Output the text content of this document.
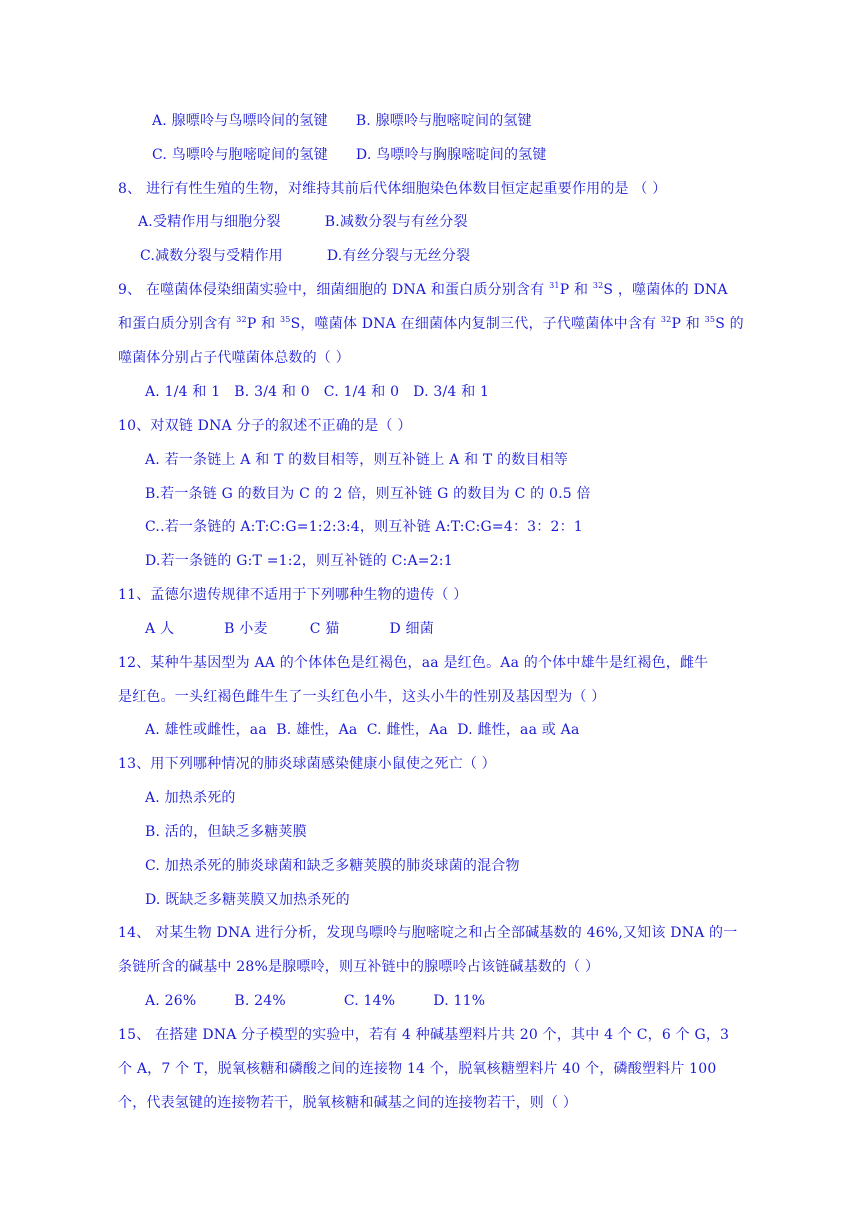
A. 腺嘌呤与鸟嘌呤间的氢键 B. 腺嘌呤与胞嘧啶间的氢键
C. 鸟嘌呤与胞嘧啶间的氢键 D. 鸟嘌呤与胸腺嘧啶间的氢键
8、 进行有性生殖的生物，对维持其前后代体细胞染色体数目恒定起重要作用的是 （ ）
A.受精作用与细胞分裂	B.减数分裂与有丝分裂
C.减数分裂与受精作用	D.有丝分裂与无丝分裂
9、 在噬菌体侵染细菌实验中，细菌细胞的 DNA 和蛋白质分别含有 $^{31}$P 和 $^{32}$S ，噬菌体的 DNA
和蛋白质分别含有 $^{32}$P 和 $^{35}$S，噬菌体 DNA 在细菌体内复制三代，子代噬菌体中含有 $^{32}$P 和 $^{35}$S 的
噬菌体分别占子代噬菌体总数的（ ）
A. 1/4 和 1   B. 3/4 和 0   C. 1/4 和 0   D. 3/4 和 1
10、对双链 DNA 分子的叙述不正确的是（ ）
A. 若一条链上 A 和 T 的数目相等，则互补链上 A 和 T 的数目相等
B.若一条链 G 的数目为 C 的 2 倍，则互补链 G 的数目为 C 的 0.5 倍
C..若一条链的 A:T:C:G=1:2:3:4，则互补链 A:T:C:G=4：3：2：1
D.若一条链的 G:T =1:2，则互补链的 C:A=2:1
11、孟德尔遗传规律不适用于下列哪种生物的遗传（ ）
A 人	B 小麦	C 猫	D 细菌
12、某种牛基因型为 AA 的个体体色是红褐色，aa 是红色。Aa 的个体中雄牛是红褐色，雌牛
是红色。一头红褐色雌牛生了一头红色小牛，这头小牛的性别及基因型为（ ）
A. 雄性或雌性，aa  B. 雄性，Aa  C. 雌性，Aa  D. 雌性，aa 或 Aa
13、用下列哪种情况的肺炎球菌感染健康小鼠使之死亡（ ）
A. 加热杀死的
B. 活的，但缺乏多糖荚膜
C. 加热杀死的肺炎球菌和缺乏多糖荚膜的肺炎球菌的混合物
D. 既缺乏多糖荚膜又加热杀死的
14、 对某生物 DNA 进行分析，发现鸟嘌呤与胞嘧啶之和占全部碱基数的 46%,又知该 DNA 的一
条链所含的碱基中 28%是腺嘌呤，则互补链中的腺嘌呤占该链碱基数的（ ）
A. 26%	B. 24%	C. 14%	D. 11%
15、 在搭建 DNA 分子模型的实验中，若有 4 种碱基塑料片共 20 个，其中 4 个 C，6 个 G，3
个 A，7 个 T，脱氧核糖和磷酸之间的连接物 14 个，脱氧核糖塑料片 40 个，磷酸塑料片 100
个，代表氢键的连接物若干，脱氧核糖和碱基之间的连接物若干，则（ ）
